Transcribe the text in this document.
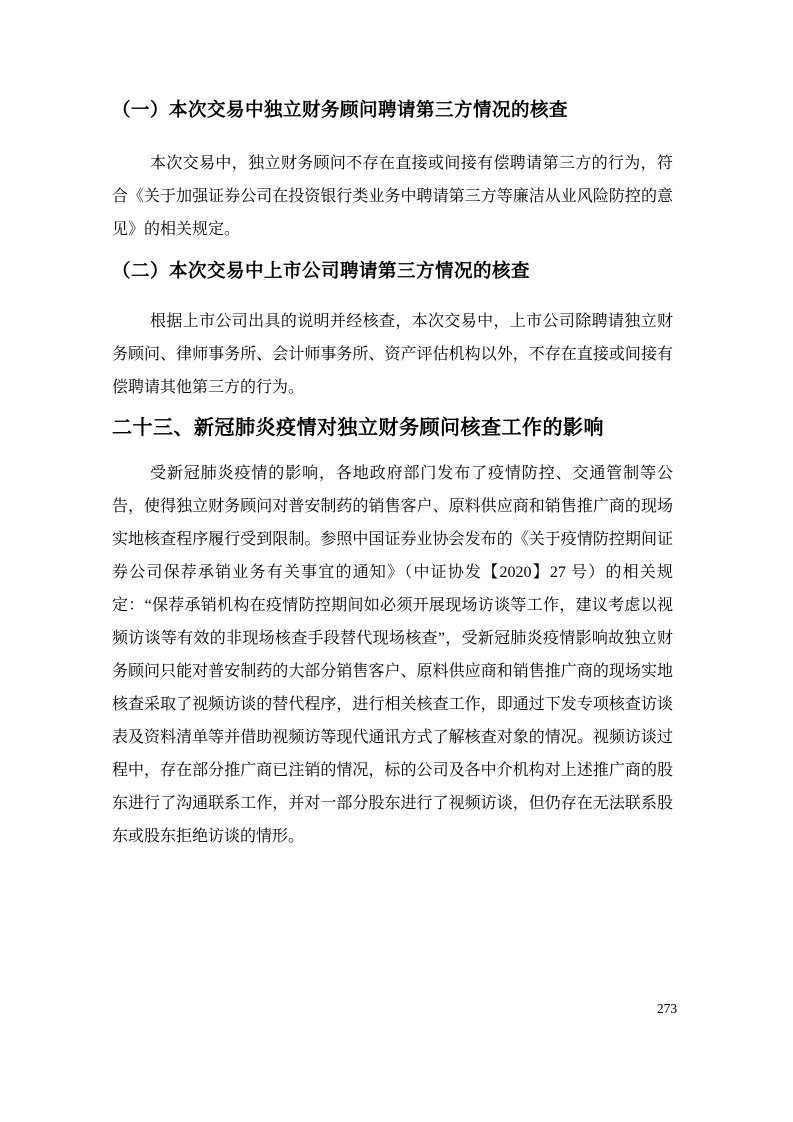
（一）本次交易中独立财务顾问聘请第三方情况的核查
本次交易中，独立财务顾问不存在直接或间接有偿聘请第三方的行为，符合《关于加强证券公司在投资银行类业务中聘请第三方等廉洁从业风险防控的意见》的相关规定。
（二）本次交易中上市公司聘请第三方情况的核查
根据上市公司出具的说明并经核查，本次交易中，上市公司除聘请独立财务顾问、律师事务所、会计师事务所、资产评估机构以外，不存在直接或间接有偿聘请其他第三方的行为。
二十三、新冠肺炎疫情对独立财务顾问核查工作的影响
受新冠肺炎疫情的影响，各地政府部门发布了疫情防控、交通管制等公告，使得独立财务顾问对普安制药的销售客户、原料供应商和销售推广商的现场实地核查程序履行受到限制。参照中国证券业协会发布的《关于疫情防控期间证券公司保荐承销业务有关事宜的通知》（中证协发【2020】27 号）的相关规定：“保荐承销机构在疫情防控期间如必须开展现场访谈等工作，建议考虑以视频访谈等有效的非现场核查手段替代现场核查”，受新冠肺炎疫情影响故独立财务顾问只能对普安制药的大部分销售客户、原料供应商和销售推广商的现场实地核查采取了视频访谈的替代程序，进行相关核查工作，即通过下发专项核查访谈表及资料清单等并借助视频访等现代通讯方式了解核查对象的情况。视频访谈过程中，存在部分推广商已注销的情况，标的公司及各中介机构对上述推广商的股东进行了沟通联系工作，并对一部分股东进行了视频访谈，但仍存在无法联系股东或股东拒绝访谈的情形。
273
